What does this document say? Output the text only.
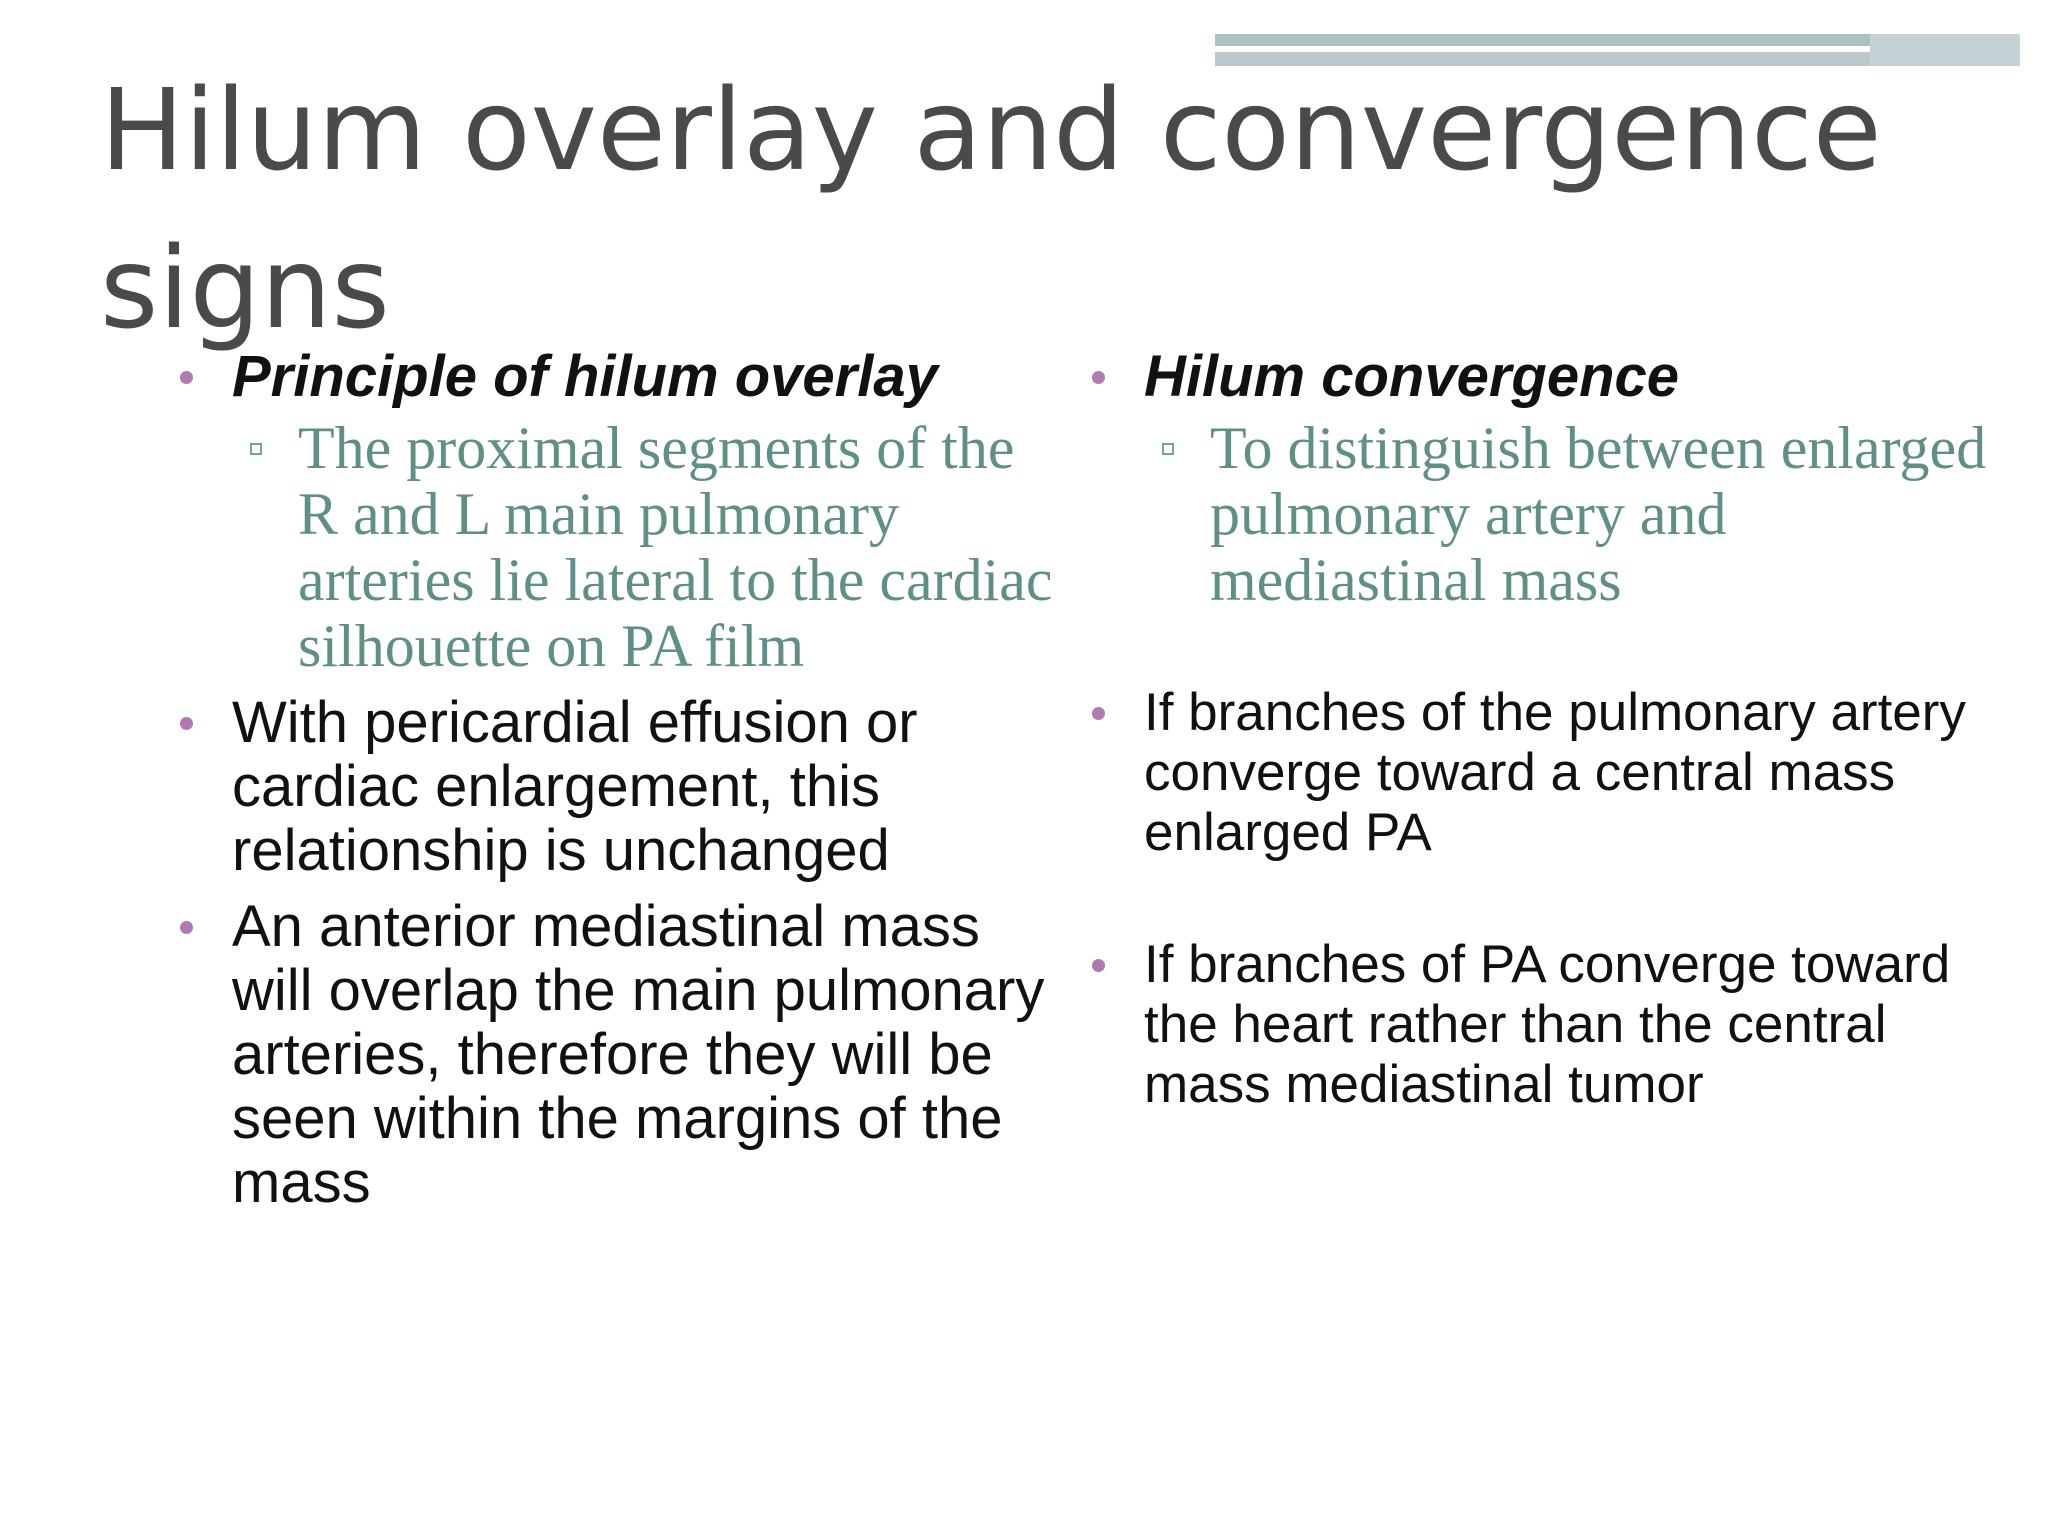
Hilum overlay and convergence signs
Principle of hilum overlay
The proximal segments of the R and L main pulmonary arteries lie lateral to the cardiac silhouette on PA film
With pericardial effusion or cardiac enlargement, this relationship is unchanged
An anterior mediastinal mass will overlap the main pulmonary arteries, therefore they will be seen within the margins of the mass
Hilum convergence
To distinguish between enlarged pulmonary artery and mediastinal mass
If branches of the pulmonary artery converge toward a central mass enlarged PA
If branches of PA converge toward the heart rather than the central mass mediastinal tumor
